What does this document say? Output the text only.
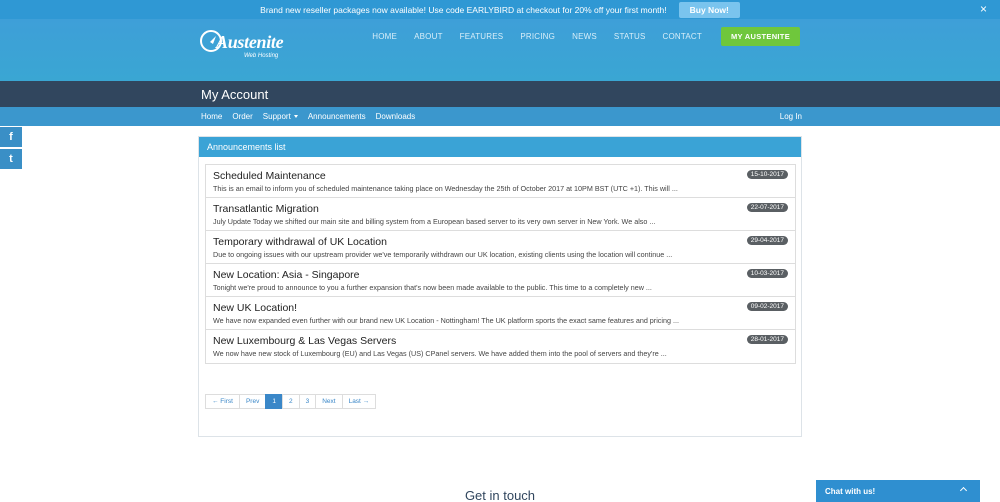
Brand new reseller packages now available! Use code EARLYBIRD at checkout for 20% off your first month!	Buy Now!	×
Austenite
Web Hosting
HOME ABOUT FEATURES PRICING NEWS STATUS CONTACT	MY AUSTENITE
My Account
Home Order Support	Announcements Downloads	Log In
f
t
Announcements list
Scheduled Maintenance
This is an email to inform you of scheduled maintenance taking place on Wednesday the 25th of October 2017 at 10PM BST (UTC +1). This will ...
15-10-2017
Transatlantic Migration
July Update Today we shifted our main site and billing system from a European based server to its very own server in New York. We also ...
22-07-2017
Temporary withdrawal of UK Location
Due to ongoing issues with our upstream provider we've temporarily withdrawn our UK location, existing clients using the location will continue ...
29-04-2017
New Location: Asia - Singapore
Tonight we're proud to announce to you a further expansion that's now been made available to the public. This time to a completely new ...
10-03-2017
New UK Location!
We have now expanded even further with our brand new UK Location - Nottingham! The UK platform sports the exact same features and pricing ...
09-02-2017
New Luxembourg & Las Vegas Servers
We now have new stock of Luxembourg (EU) and Las Vegas (US) CPanel servers. We have added them into the pool of servers and they're ...
28-01-2017
← First	Prev	1	2	3	Next	Last →
Get in touch	Chat with us!
